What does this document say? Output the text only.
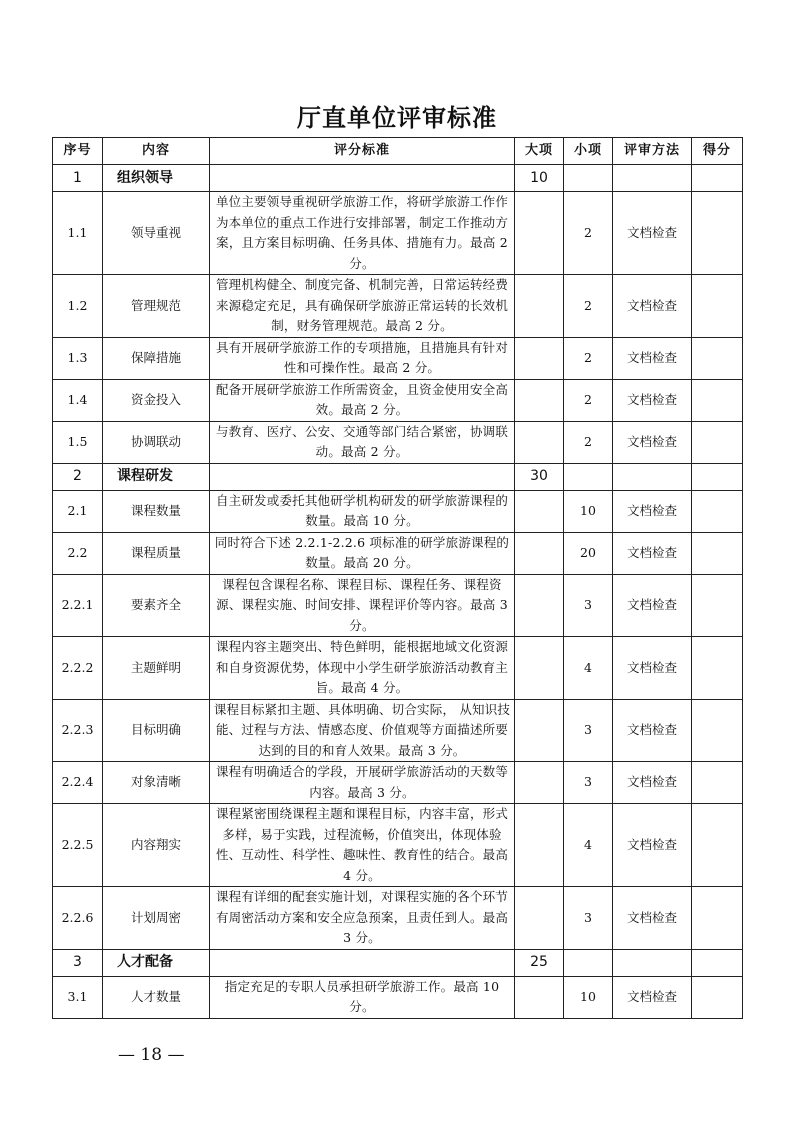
厅直单位评审标准
序号	内容	评分标准	大项	小项	评审方法	得分
1	组织领导		10			
1.1	领导重视	单位主要领导重视研学旅游工作，将研学旅游工作作为本单位的重点工作进行安排部署，制定工作推动方案，且方案目标明确、任务具体、措施有力。最高 2 分。		2	文档检查	
1.2	管理规范	管理机构健全、制度完备、机制完善，日常运转经费来源稳定充足，具有确保研学旅游正常运转的长效机制，财务管理规范。最高 2 分。		2	文档检查	
1.3	保障措施	具有开展研学旅游工作的专项措施，且措施具有针对性和可操作性。最高 2 分。		2	文档检查	
1.4	资金投入	配备开展研学旅游工作所需资金，且资金使用安全高效。最高 2 分。		2	文档检查	
1.5	协调联动	与教育、医疗、公安、交通等部门结合紧密，协调联动。最高 2 分。		2	文档检查	
2	课程研发		30			
2.1	课程数量	自主研发或委托其他研学机构研发的研学旅游课程的数量。最高 10 分。		10	文档检查	
2.2	课程质量	同时符合下述 2.2.1-2.2.6 项标准的研学旅游课程的数量。最高 20 分。		20	文档检查	
2.2.1	要素齐全	课程包含课程名称、课程目标、课程任务、课程资源、课程实施、时间安排、课程评价等内容。最高 3 分。		3	文档检查	
2.2.2	主题鲜明	课程内容主题突出、特色鲜明，能根据地域文化资源和自身资源优势，体现中小学生研学旅游活动教育主旨。最高 4 分。		4	文档检查	
2.2.3	目标明确	课程目标紧扣主题、具体明确、切合实际， 从知识技能、过程与方法、情感态度、价值观等方面描述所要达到的目的和育人效果。最高 3 分。		3	文档检查	
2.2.4	对象清晰	课程有明确适合的学段，开展研学旅游活动的天数等内容。最高 3 分。		3	文档检查	
2.2.5	内容翔实	课程紧密围绕课程主题和课程目标，内容丰富，形式多样，易于实践，过程流畅，价值突出，体现体验性、互动性、科学性、趣味性、教育性的结合。最高 4 分。		4	文档检查	
2.2.6	计划周密	课程有详细的配套实施计划，对课程实施的各个环节有周密活动方案和安全应急预案，且责任到人。最高 3 分。		3	文档检查	
3	人才配备		25			
3.1	人才数量	指定充足的专职人员承担研学旅游工作。最高 10 分。		10	文档检查	
— 18 —
